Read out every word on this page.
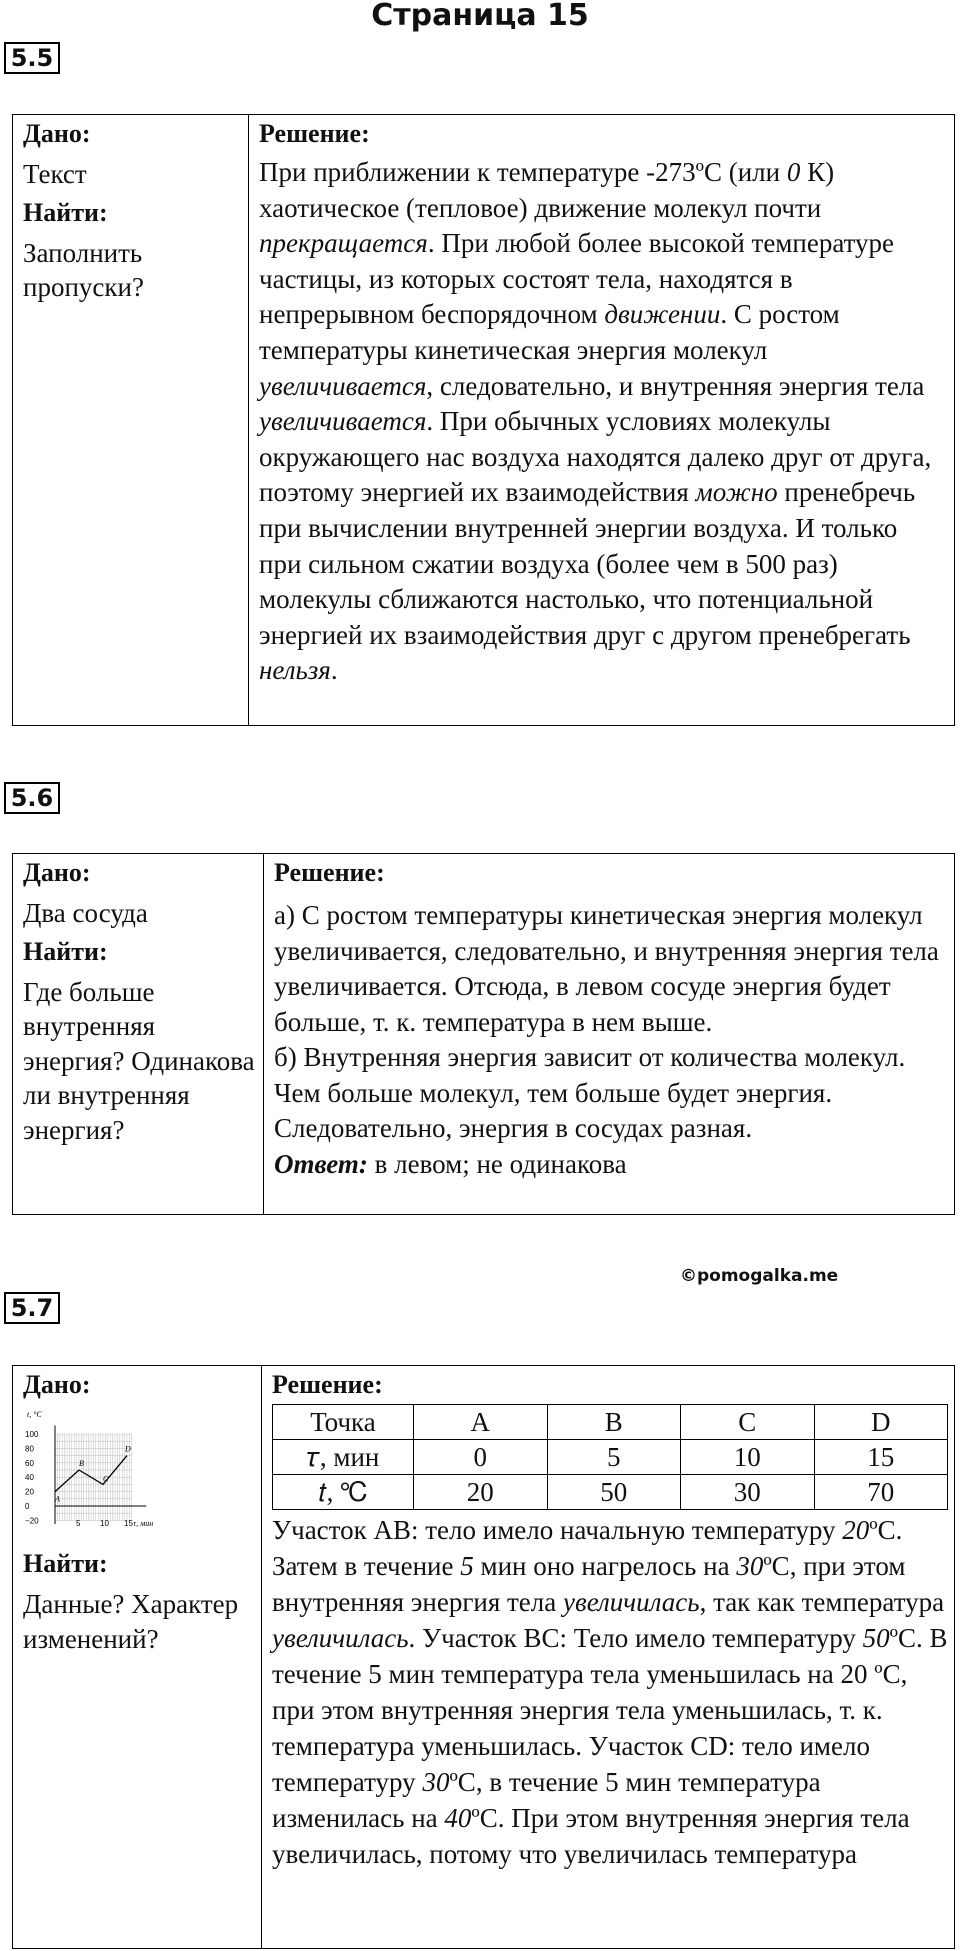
Страница 15
5.5
Дано:
Текст
Найти:
Заполнить пропуски?
Решение:
При приближении к температуре -273ºС (или 0 К) хаотическое (тепловое) движение молекул почти прекращается. При любой более высокой температуре частицы, из которых состоят тела, находятся в непрерывном беспорядочном движении. С ростом температуры кинетическая энергия молекул увеличивается, следовательно, и внутренняя энергия тела увеличивается. При обычных условиях молекулы окружающего нас воздуха находятся далеко друг от друга, поэтому энергией их взаимодействия можно пренебречь при вычислении внутренней энергии воздуха. И только при сильном сжатии воздуха (более чем в 500 раз) молекулы сближаются настолько, что потенциальной энергией их взаимодействия друг с другом пренебрегать нельзя.
5.6
Дано:
Два сосуда
Найти:
Где больше внутренняя энергия? Одинакова ли внутренняя энергия?
Решение:
а) С ростом температуры кинетическая энергия молекул увеличивается, следовательно, и внутренняя энергия тела увеличивается. Отсюда, в левом сосуде энергия будет больше, т. к. температура в нем выше.
б) Внутренняя энергия зависит от количества молекул. Чем больше молекул, тем больше будет энергия. Следовательно, энергия в сосудах разная.
Ответ: в левом; не одинакова
©pomogalka.me
5.7
Дано:
t, °C
τ, мин
100
80
60
40
20
0
−20	5 10 15
A
B
C
D
Найти:
Данные? Характер изменений?
Решение:
Точка	A	B	C	D
𝜏, мин	0	5	10	15
𝑡, ℃	20	50	30	70
Участок AB: тело имело начальную температуру 20ºС. Затем в течение 5 мин оно нагрелось на 30ºС, при этом внутренняя энергия тела увеличилась, так как температура увеличилась. Участок BC: Тело имело температуру 50ºС. В течение 5 мин температура тела уменьшилась на 20 ºС, при этом внутренняя энергия тела уменьшилась, т. к. температура уменьшилась. Участок CD: тело имело температуру 30ºС, в течение 5 мин температура изменилась на 40ºС. При этом внутренняя энергия тела увеличилась, потому что увеличилась температура
